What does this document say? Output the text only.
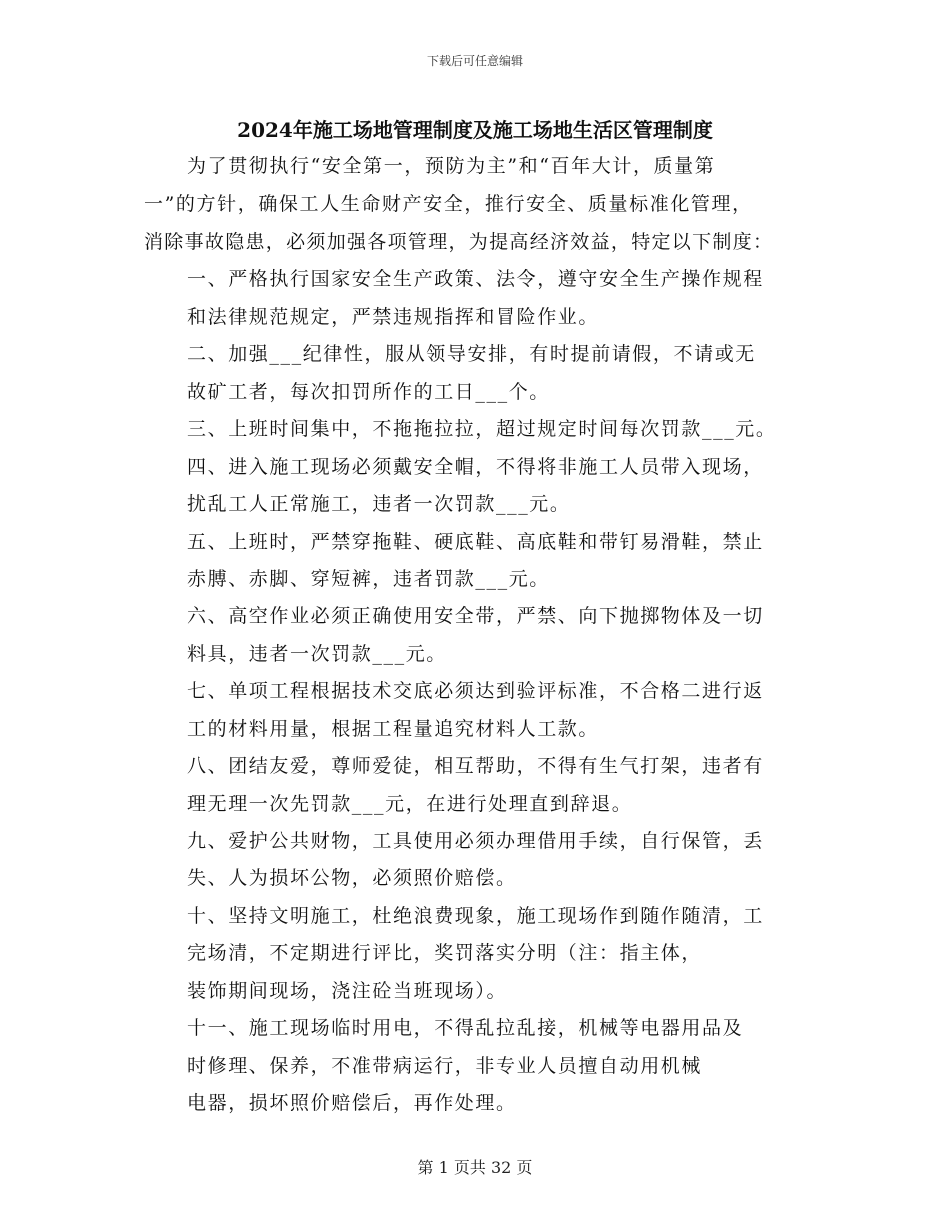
下载后可任意编辑
2024年施工场地管理制度及施工场地生活区管理制度
为了贯彻执行“安全第一，预防为主”和“百年大计，质量第
一”的方针，确保工人生命财产安全，推行安全、质量标准化管理，
消除事故隐患，必须加强各项管理，为提高经济效益，特定以下制度：
一、严格执行国家安全生产政策、法令，遵守安全生产操作规程
和法律规范规定，严禁违规指挥和冒险作业。
二、加强___纪律性，服从领导安排，有时提前请假，不请或无
故矿工者，每次扣罚所作的工日___个。
三、上班时间集中，不拖拖拉拉，超过规定时间每次罚款___元。
四、进入施工现场必须戴安全帽，不得将非施工人员带入现场，
扰乱工人正常施工，违者一次罚款___元。
五、上班时，严禁穿拖鞋、硬底鞋、高底鞋和带钉易滑鞋，禁止
赤膊、赤脚、穿短裤，违者罚款___元。
六、高空作业必须正确使用安全带，严禁、向下抛掷物体及一切
料具，违者一次罚款___元。
七、单项工程根据技术交底必须达到验评标准，不合格二进行返
工的材料用量，根据工程量追究材料人工款。
八、团结友爱，尊师爱徒，相互帮助，不得有生气打架，违者有
理无理一次先罚款___元，在进行处理直到辞退。
九、爱护公共财物，工具使用必须办理借用手续，自行保管，丢
失、人为损坏公物，必须照价赔偿。
十、坚持文明施工，杜绝浪费现象，施工现场作到随作随清，工
完场清，不定期进行评比，奖罚落实分明（注：指主体，
装饰期间现场，浇注砼当班现场）。
十一、施工现场临时用电，不得乱拉乱接，机械等电器用品及
时修理、保养，不准带病运行，非专业人员擅自动用机械
电器，损坏照价赔偿后，再作处理。
第 1 页共 32 页
